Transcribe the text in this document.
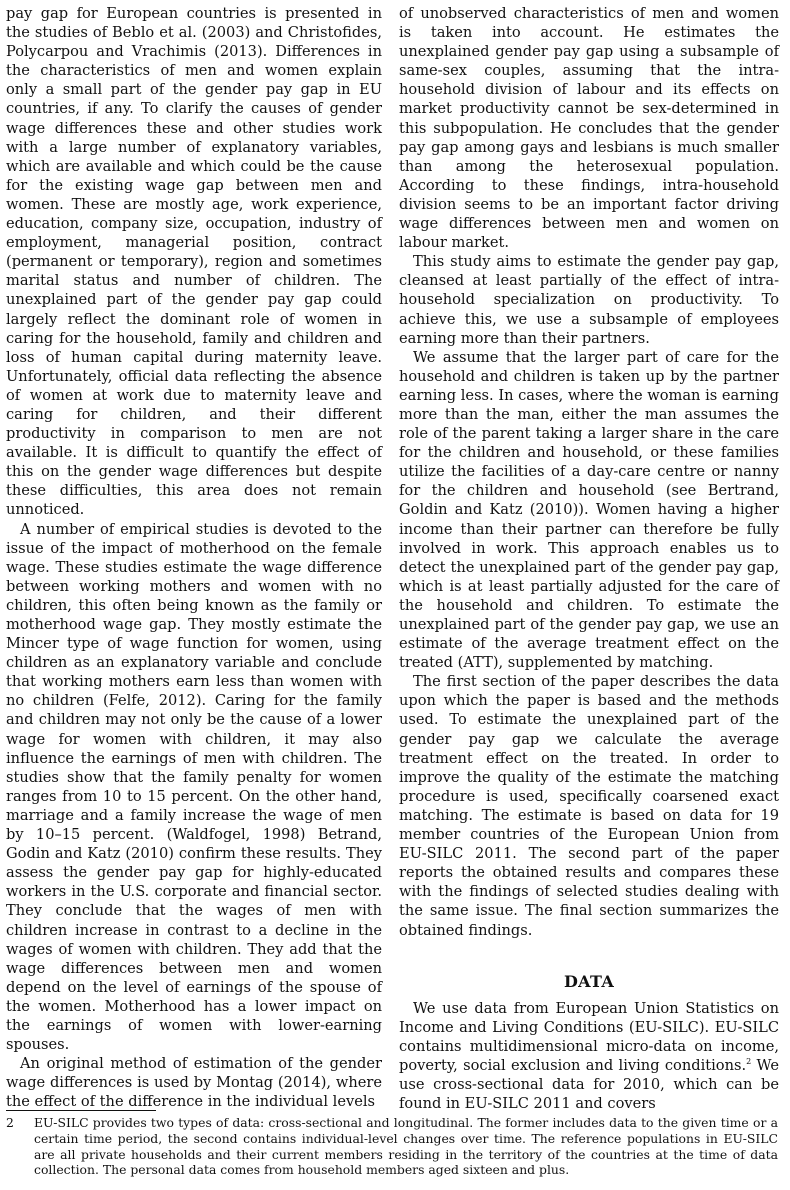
pay gap for European countries is presented in the studies of Beblo et al. (2003) and Christofides, Polycarpou and Vrachimis (2013). Differences in the characteristics of men and women explain only a small part of the gender pay gap in EU countries, if any. To clarify the causes of gender wage differences these and other studies work with a large number of explanatory variables, which are available and which could be the cause for the existing wage gap between men and women. These are mostly age, work experience, education, company size, occupation, industry of employment, managerial position, contract (permanent or temporary), region and sometimes marital status and number of children. The unexplained part of the gender pay gap could largely reflect the dominant role of women in caring for the household, family and children and loss of human capital during maternity leave. Unfortunately, official data reflecting the absence of women at work due to maternity leave and caring for children, and their different productivity in comparison to men are not available. It is difficult to quantify the effect of this on the gender wage differences but despite these difficulties, this area does not remain unnoticed.

A number of empirical studies is devoted to the issue of the impact of motherhood on the female wage. These studies estimate the wage difference between working mothers and women with no children, this often being known as the family or motherhood wage gap. They mostly estimate the Mincer type of wage function for women, using children as an explanatory variable and conclude that working mothers earn less than women with no children (Felfe, 2012). Caring for the family and children may not only be the cause of a lower wage for women with children, it may also influence the earnings of men with children. The studies show that the family penalty for women ranges from 10 to 15 percent. On the other hand, marriage and a family increase the wage of men by 10–15 percent. (Waldfogel, 1998) Betrand, Godin and Katz (2010) confirm these results. They assess the gender pay gap for highly-educated workers in the U.S. corporate and financial sector. They conclude that the wages of men with children increase in contrast to a decline in the wages of women with children. They add that the wage differences between men and women depend on the level of earnings of the spouse of the women. Motherhood has a lower impact on the earnings of women with lower-earning spouses.

An original method of estimation of the gender wage differences is used by Montag (2014), where the effect of the difference in the individual levels

of unobserved characteristics of men and women is taken into account. He estimates the unexplained gender pay gap using a subsample of same-sex couples, assuming that the intra-household division of labour and its effects on market productivity cannot be sex-determined in this subpopulation. He concludes that the gender pay gap among gays and lesbians is much smaller than among the heterosexual population. According to these findings, intra-household division seems to be an important factor driving wage differences between men and women on labour market.

This study aims to estimate the gender pay gap, cleansed at least partially of the effect of intra-household specialization on productivity. To achieve this, we use a subsample of employees earning more than their partners.

We assume that the larger part of care for the household and children is taken up by the partner earning less. In cases, where the woman is earning more than the man, either the man assumes the role of the parent taking a larger share in the care for the children and household, or these families utilize the facilities of a day-care centre or nanny for the children and household (see Bertrand, Goldin and Katz (2010)). Women having a higher income than their partner can therefore be fully involved in work. This approach enables us to detect the unexplained part of the gender pay gap, which is at least partially adjusted for the care of the household and children. To estimate the unexplained part of the gender pay gap, we use an estimate of the average treatment effect on the treated (ATT), supplemented by matching.

The first section of the paper describes the data upon which the paper is based and the methods used. To estimate the unexplained part of the gender pay gap we calculate the average treatment effect on the treated. In order to improve the quality of the estimate the matching procedure is used, specifically coarsened exact matching. The estimate is based on data for 19 member countries of the European Union from EU-SILC 2011. The second part of the paper reports the obtained results and compares these with the findings of selected studies dealing with the same issue. The final section summarizes the obtained findings.

DATA

We use data from European Union Statistics on Income and Living Conditions (EU-SILC). EU-SILC contains multidimensional micro-data on income, poverty, social exclusion and living conditions.$^2$ We use cross-sectional data for 2010, which can be found in EU-SILC 2011 and covers

2	EU-SILC provides two types of data: cross-sectional and longitudinal. The former includes data to the given time or a certain time period, the second contains individual-level changes over time. The reference populations in EU-SILC are all private households and their current members residing in the territory of the countries at the time of data collection. The personal data comes from household members aged sixteen and plus.
